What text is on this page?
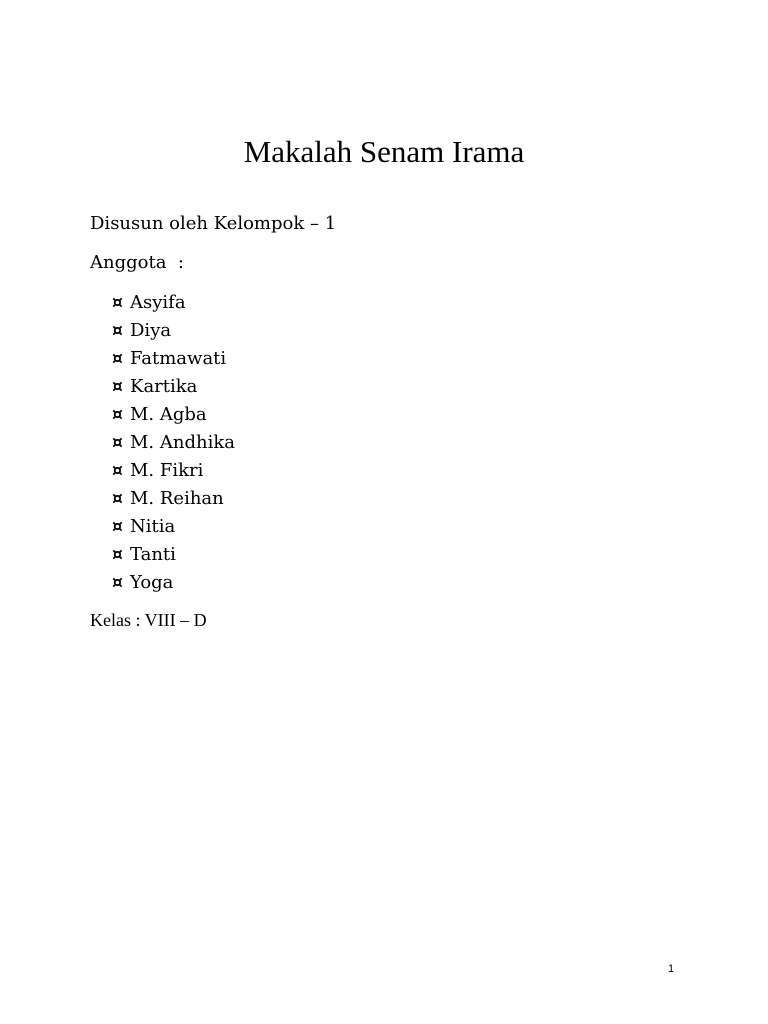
Makalah Senam Irama

Disusun oleh Kelompok – 1

Anggota  :

¤ Asyifa
¤ Diya
¤ Fatmawati
¤ Kartika
¤ M. Agba
¤ M. Andhika
¤ M. Fikri
¤ M. Reihan
¤ Nitia
¤ Tanti
¤ Yoga

Kelas : VIII – D

1
